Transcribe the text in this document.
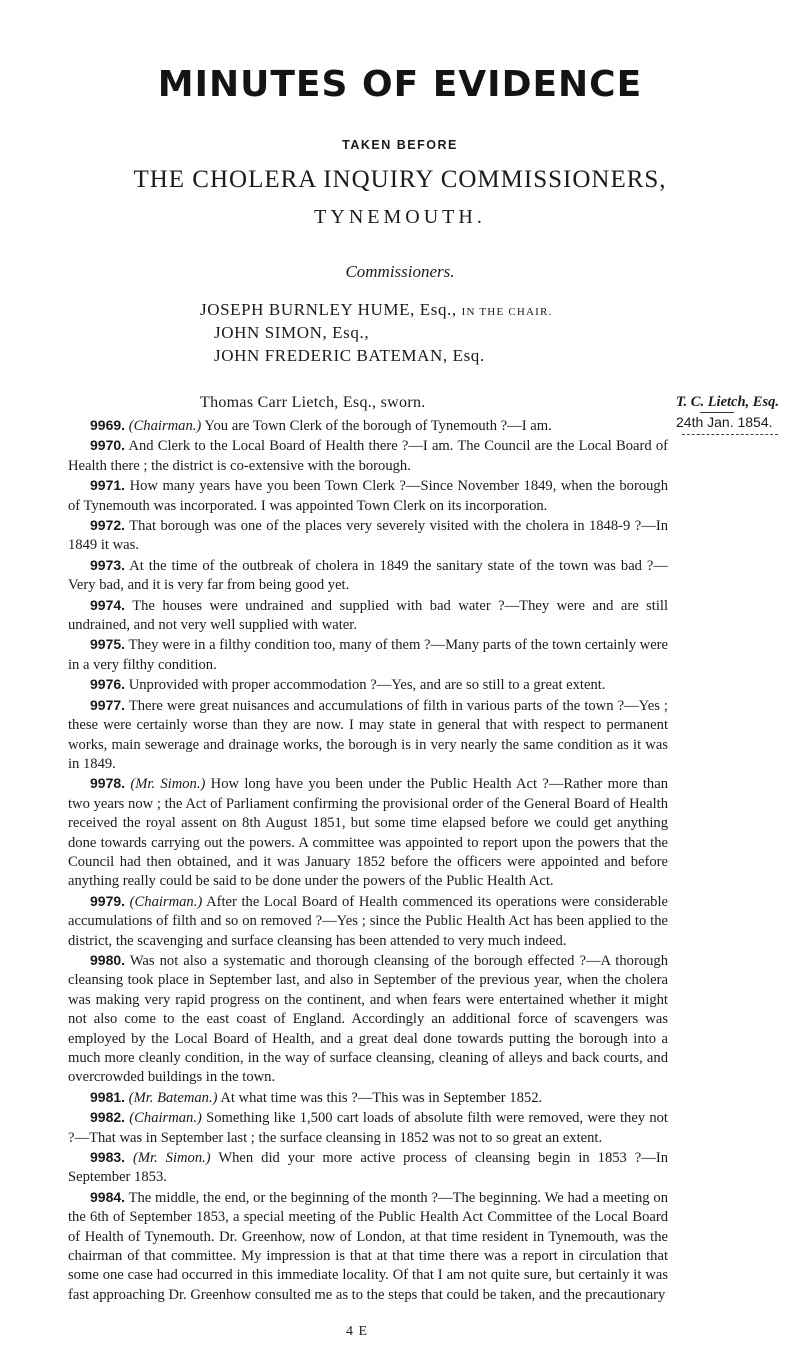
MINUTES OF EVIDENCE
TAKEN BEFORE
THE CHOLERA INQUIRY COMMISSIONERS,
TYNEMOUTH.
Commissioners.
JOSEPH BURNLEY HUME, Esq., IN THE CHAIR.
JOHN SIMON, Esq.,
JOHN FREDERIC BATEMAN, Esq.
Thomas Carr Lietch, Esq., sworn.	T. C. Lietch, Esq.
24th Jan. 1854.

9969. (Chairman.) You are Town Clerk of the borough of Tynemouth ?—I am.

9970. And Clerk to the Local Board of Health there ?—I am. The Council are the Local Board of Health there ; the district is co-extensive with the borough.

9971. How many years have you been Town Clerk ?—Since November 1849, when the borough of Tynemouth was incorporated. I was appointed Town Clerk on its incorporation.

9972. That borough was one of the places very severely visited with the cholera in 1848-9 ?—In 1849 it was.

9973. At the time of the outbreak of cholera in 1849 the sanitary state of the town was bad ?—Very bad, and it is very far from being good yet.

9974. The houses were undrained and supplied with bad water ?—They were and are still undrained, and not very well supplied with water.

9975. They were in a filthy condition too, many of them ?—Many parts of the town certainly were in a very filthy condition.

9976. Unprovided with proper accommodation ?—Yes, and are so still to a great extent.

9977. There were great nuisances and accumulations of filth in various parts of the town ?—Yes ; these were certainly worse than they are now. I may state in general that with respect to permanent works, main sewerage and drainage works, the borough is in very nearly the same condition as it was in 1849.

9978. (Mr. Simon.) How long have you been under the Public Health Act ?—Rather more than two years now ; the Act of Parliament confirming the provisional order of the General Board of Health received the royal assent on 8th August 1851, but some time elapsed before we could get anything done towards carrying out the powers. A committee was appointed to report upon the powers that the Council had then obtained, and it was January 1852 before the officers were appointed and before anything really could be said to be done under the powers of the Public Health Act.

9979. (Chairman.) After the Local Board of Health commenced its operations were considerable accumulations of filth and so on removed ?—Yes ; since the Public Health Act has been applied to the district, the scavenging and surface cleansing has been attended to very much indeed.

9980. Was not also a systematic and thorough cleansing of the borough effected ?—A thorough cleansing took place in September last, and also in September of the previous year, when the cholera was making very rapid progress on the continent, and when fears were entertained whether it might not also come to the east coast of England. Accordingly an additional force of scavengers was employed by the Local Board of Health, and a great deal done towards putting the borough into a much more cleanly condition, in the way of surface cleansing, cleaning of alleys and back courts, and overcrowded buildings in the town.

9981. (Mr. Bateman.) At what time was this ?—This was in September 1852.

9982. (Chairman.) Something like 1,500 cart loads of absolute filth were removed, were they not ?—That was in September last ; the surface cleansing in 1852 was not to so great an extent.

9983. (Mr. Simon.) When did your more active process of cleansing begin in 1853 ?—In September 1853.

9984. The middle, the end, or the beginning of the month ?—The beginning. We had a meeting on the 6th of September 1853, a special meeting of the Public Health Act Committee of the Local Board of Health of Tynemouth. Dr. Greenhow, now of London, at that time resident in Tynemouth, was the chairman of that committee. My impression is that at that time there was a report in circulation that some one case had occurred in this immediate locality. Of that I am not quite sure, but certainly it was fast approaching Dr. Greenhow consulted me as to the steps that could be taken, and the precautionary

4 E
